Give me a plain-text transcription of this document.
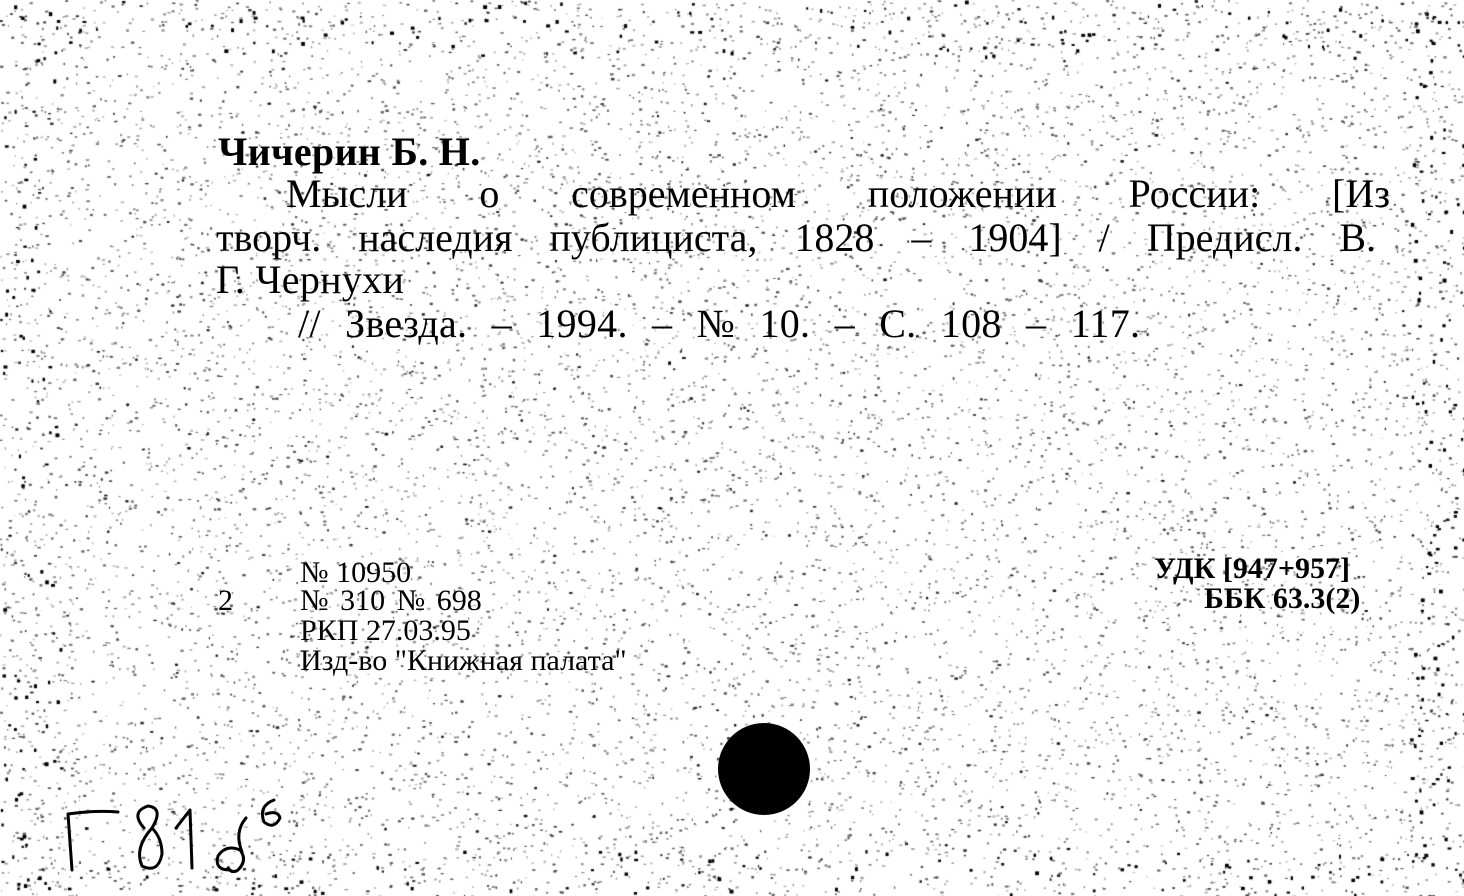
Чичерин Б. Н.
Мысли о современном положении России: [Из
творч. наследия публициста, 1828 – 1904] / Предисл. В.
Г. Чернухи
// Звезда. – 1994. – № 10. – С. 108 – 117.
2
№ 10950
№ 310 № 698
РКП 27.03.95
Изд-во "Книжная палата"
УДК [947+957]
ББК 63.3(2)
